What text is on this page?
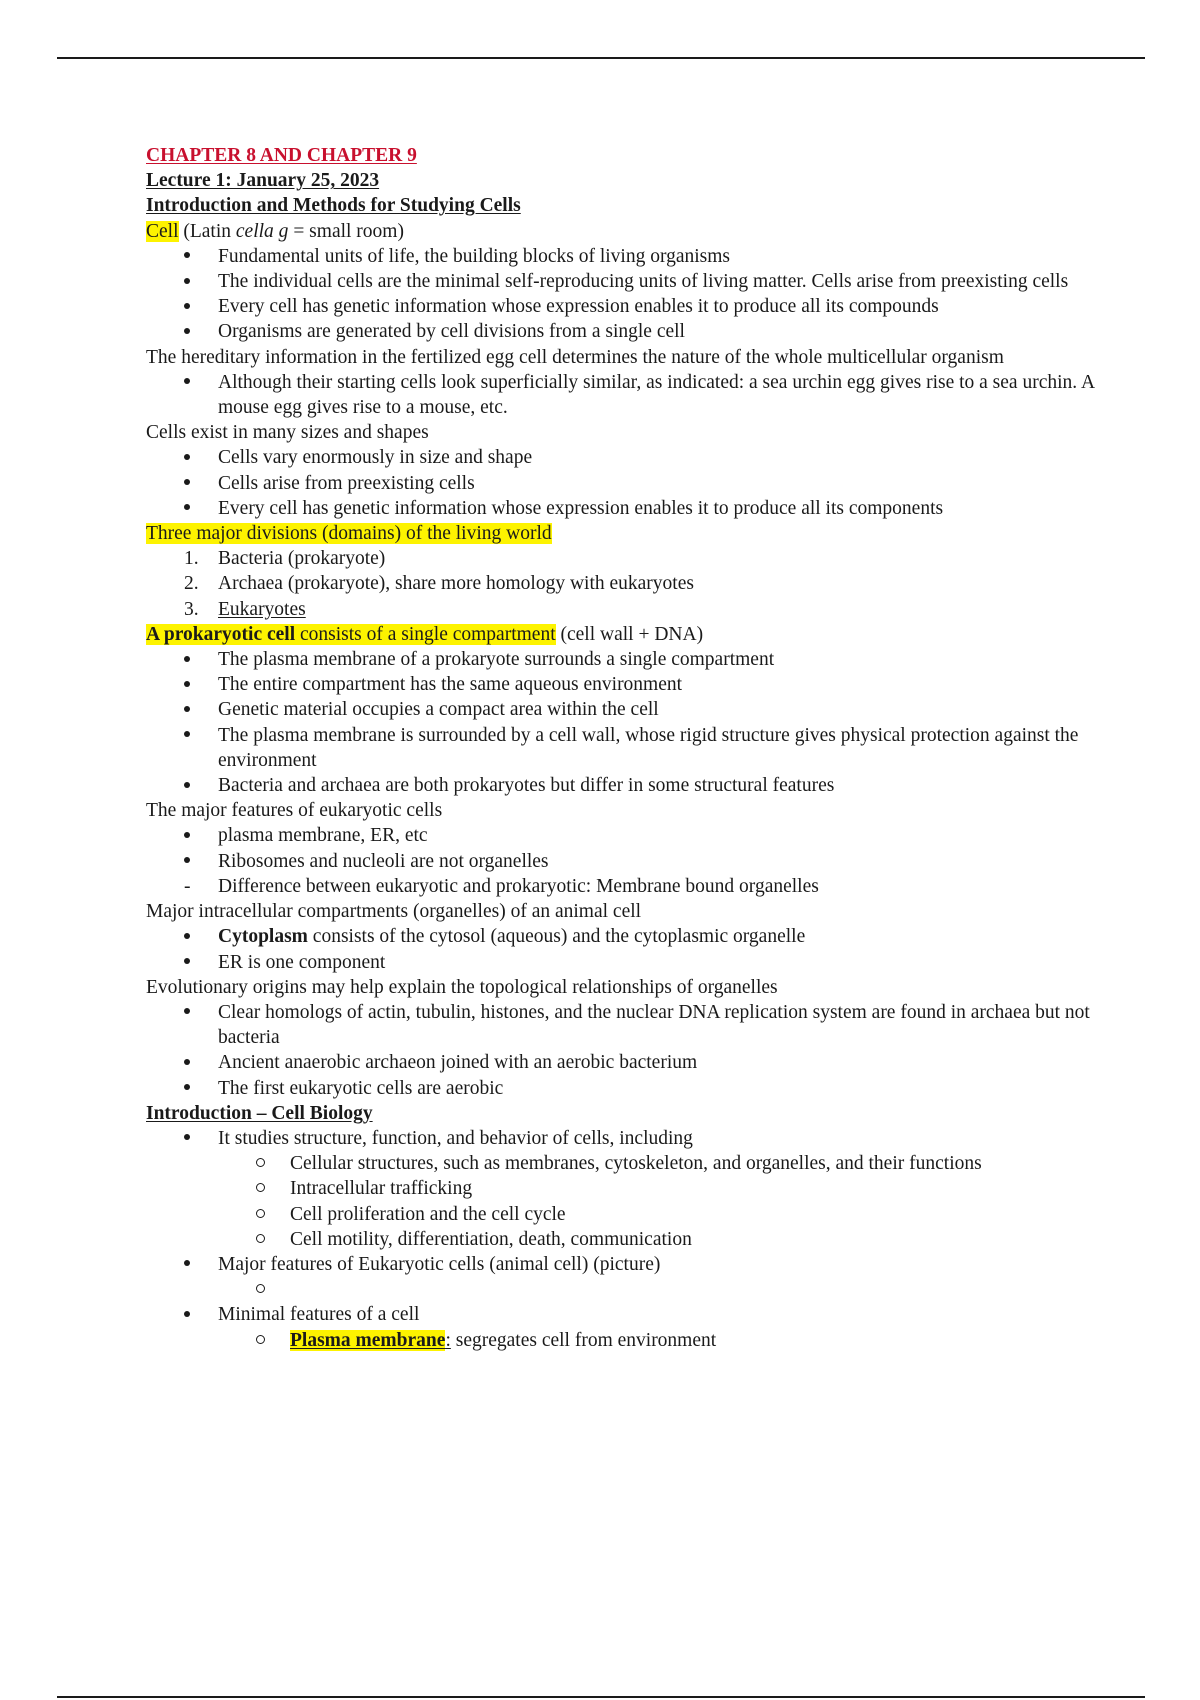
CHAPTER 8 AND CHAPTER 9

Lecture 1: January 25, 2023

Introduction and Methods for Studying Cells

Cell (Latin cella g = small room)

Fundamental units of life, the building blocks of living organisms
The individual cells are the minimal self-reproducing units of living matter. Cells arise from preexisting cells
Every cell has genetic information whose expression enables it to produce all its compounds
Organisms are generated by cell divisions from a single cell

The hereditary information in the fertilized egg cell determines the nature of the whole multicellular organism

Although their starting cells look superficially similar, as indicated: a sea urchin egg gives rise to a sea urchin. A mouse egg gives rise to a mouse, etc.

Cells exist in many sizes and shapes

Cells vary enormously in size and shape
Cells arise from preexisting cells
Every cell has genetic information whose expression enables it to produce all its components

Three major divisions (domains) of the living world

1. Bacteria (prokaryote)
2. Archaea (prokaryote), share more homology with eukaryotes
3. Eukaryotes

A prokaryotic cell consists of a single compartment (cell wall + DNA)

The plasma membrane of a prokaryote surrounds a single compartment
The entire compartment has the same aqueous environment
Genetic material occupies a compact area within the cell
The plasma membrane is surrounded by a cell wall, whose rigid structure gives physical protection against the environment
Bacteria and archaea are both prokaryotes but differ in some structural features

The major features of eukaryotic cells

plasma membrane, ER, etc
Ribosomes and nucleoli are not organelles
- Difference between eukaryotic and prokaryotic: Membrane bound organelles

Major intracellular compartments (organelles) of an animal cell

Cytoplasm consists of the cytosol (aqueous) and the cytoplasmic organelle
ER is one component

Evolutionary origins may help explain the topological relationships of organelles

Clear homologs of actin, tubulin, histones, and the nuclear DNA replication system are found in archaea but not bacteria
Ancient anaerobic archaeon joined with an aerobic bacterium
The first eukaryotic cells are aerobic

Introduction – Cell Biology

It studies structure, function, and behavior of cells, including
Cellular structures, such as membranes, cytoskeleton, and organelles, and their functions
Intracellular trafficking
Cell proliferation and the cell cycle
Cell motility, differentiation, death, communication
Major features of Eukaryotic cells (animal cell) (picture)

Minimal features of a cell
Plasma membrane: segregates cell from environment
